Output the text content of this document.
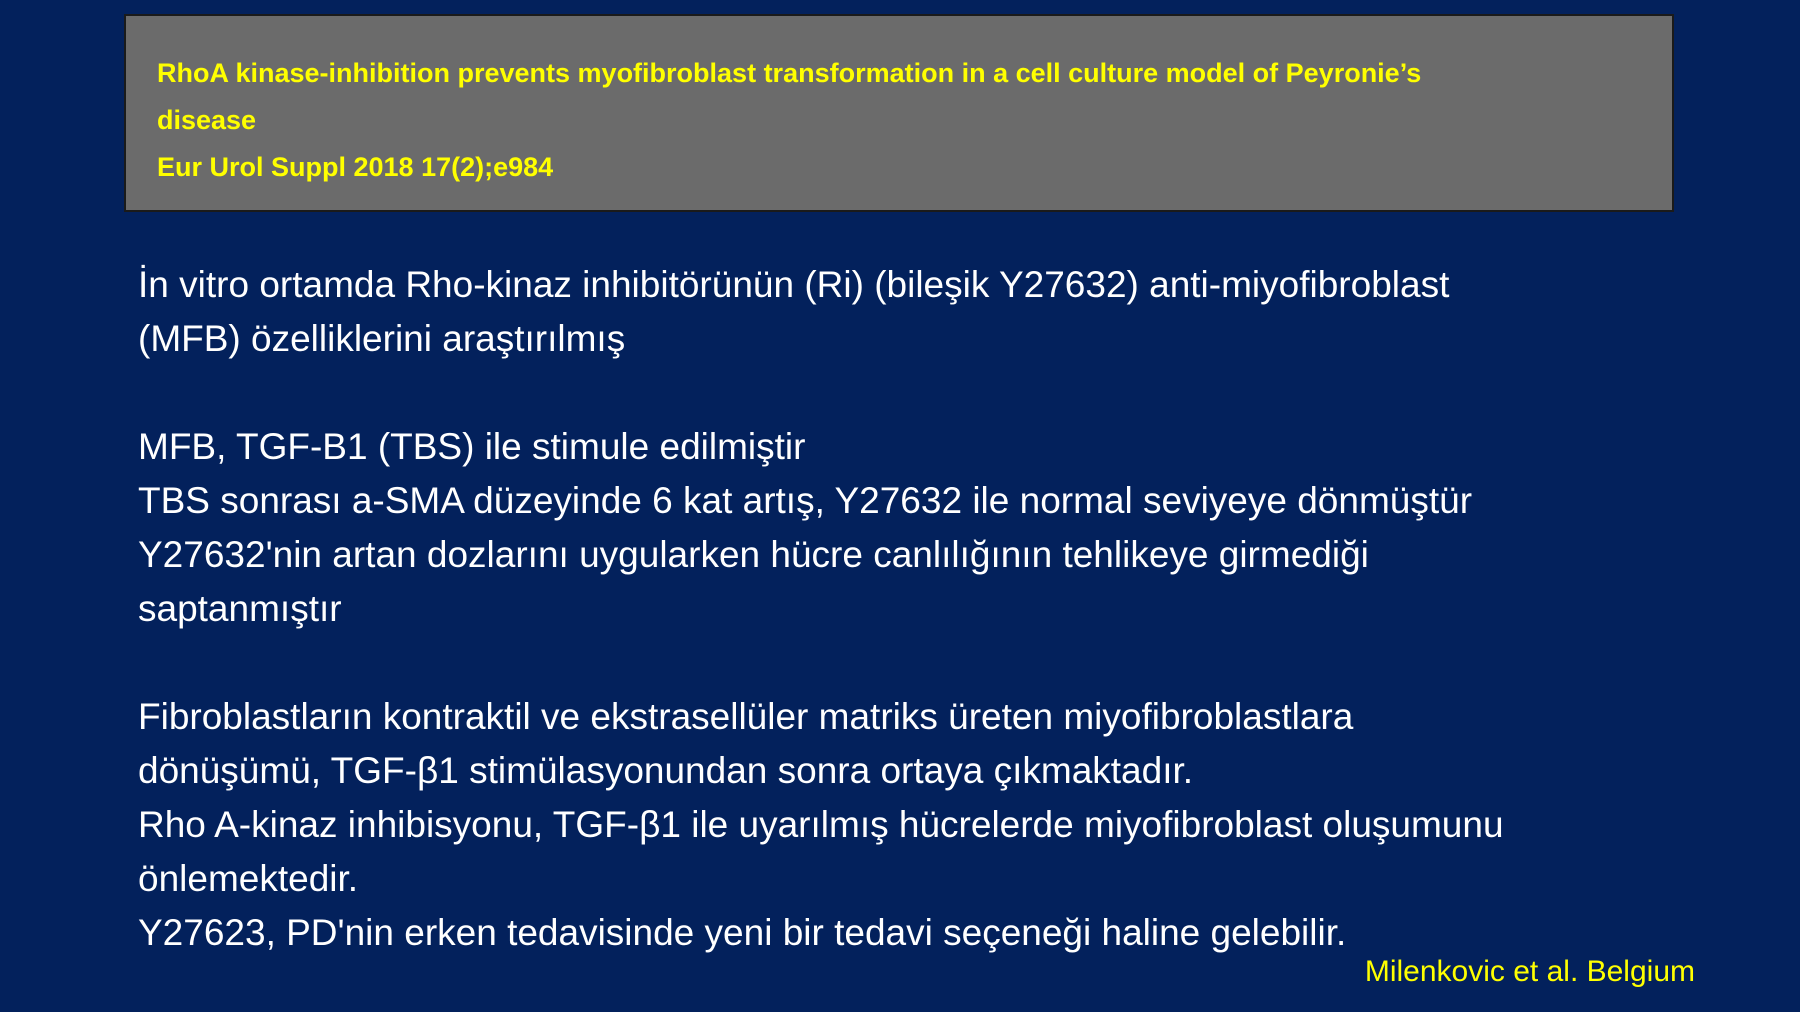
RhoA kinase-inhibition prevents myofibroblast transformation in a cell culture model of Peyronie’s
disease
Eur Urol Suppl 2018 17(2);e984
İn vitro ortamda Rho-kinaz inhibitörünün (Ri) (bileşik Y27632) anti-miyofibroblast
(MFB) özelliklerini araştırılmış
MFB, TGF-B1 (TBS) ile stimule edilmiştir
TBS sonrası a-SMA düzeyinde 6 kat artış, Y27632 ile normal seviyeye dönmüştür
Y27632'nin artan dozlarını uygularken hücre canlılığının tehlikeye girmediği
saptanmıştır
Fibroblastların kontraktil ve ekstrasellüler matriks üreten miyofibroblastlara
dönüşümü, TGF-β1 stimülasyonundan sonra ortaya çıkmaktadır.
Rho A-kinaz inhibisyonu, TGF-β1 ile uyarılmış hücrelerde miyofibroblast oluşumunu
önlemektedir.
Y27623, PD'nin erken tedavisinde yeni bir tedavi seçeneği haline gelebilir.
Milenkovic et al. Belgium
